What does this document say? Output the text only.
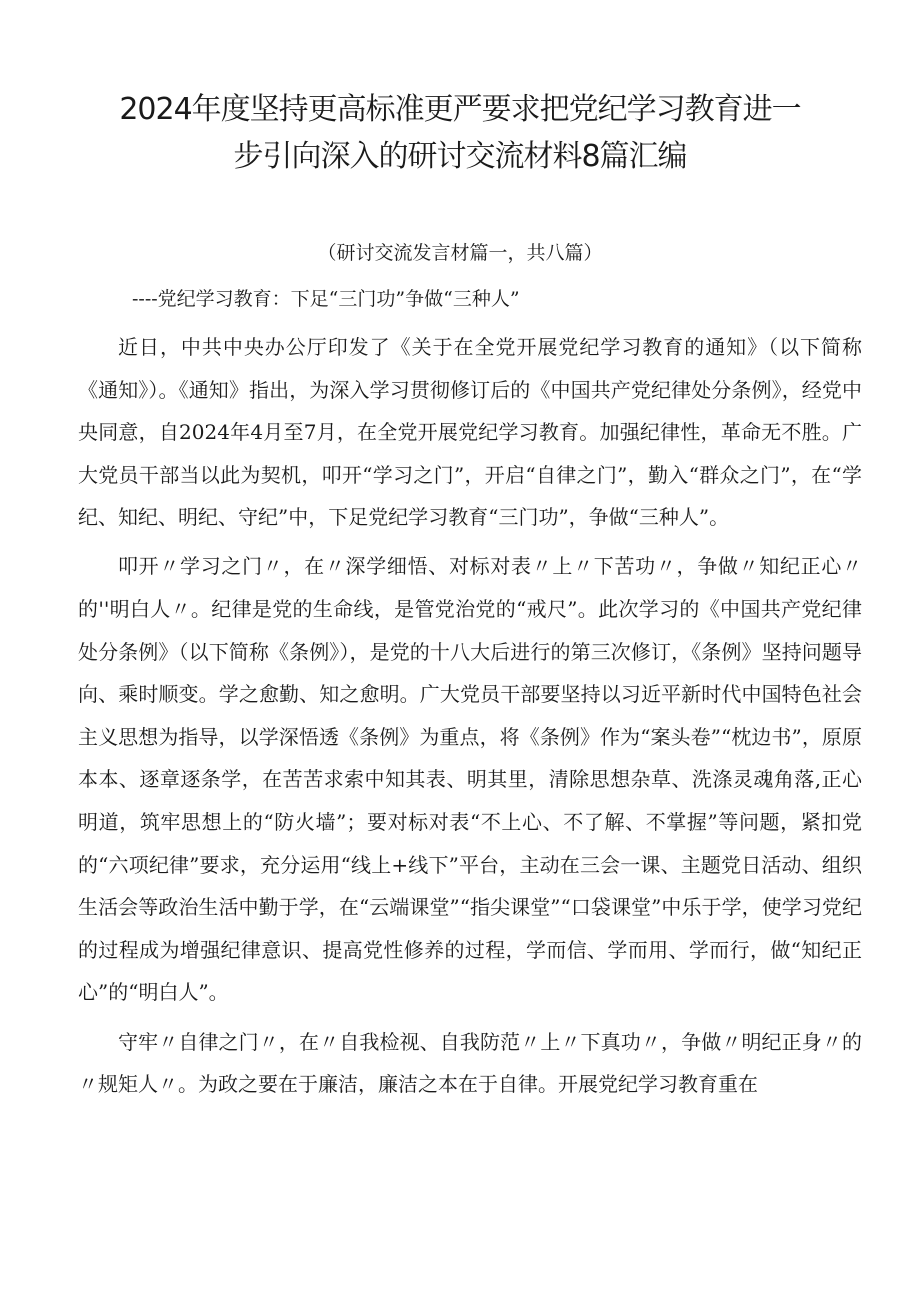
2024年度坚持更高标准更严要求把党纪学习教育进一
步引向深入的研讨交流材料8篇汇编
（研讨交流发言材篇一，共八篇）
----党纪学习教育：下足“三门功”争做“三种人”

近日，中共中央办公厅印发了《关于在全党开展党纪学习教育的通知》（以下简称《通知》）。《通知》指出，为深入学习贯彻修订后的《中国共产党纪律处分条例》，经党中央同意，自2024年4月至7月，在全党开展党纪学习教育。加强纪律性，革命无不胜。广大党员干部当以此为契机，叩开“学习之门”，开启“自律之门”，勤入“群众之门”，在“学纪、知纪、明纪、守纪”中，下足党纪学习教育“三门功”，争做“三种人”。

叩开〃学习之门〃，在〃深学细悟、对标对表〃上〃下苦功〃，争做〃知纪正心〃的''明白人〃。纪律是党的生命线，是管党治党的“戒尺”。此次学习的《中国共产党纪律处分条例》（以下简称《条例》），是党的十八大后进行的第三次修订，《条例》坚持问题导向、乘时顺变。学之愈勤、知之愈明。广大党员干部要坚持以习近平新时代中国特色社会主义思想为指导，以学深悟透《条例》为重点，将《条例》作为“案头卷”“枕边书”，原原本本、逐章逐条学，在苦苦求索中知其表、明其里，清除思想杂草、洗涤灵魂角落,正心明道，筑牢思想上的“防火墙”；要对标对表“不上心、不了解、不掌握”等问题，紧扣党的“六项纪律”要求，充分运用“线上+线下”平台，主动在三会一课、主题党日活动、组织生活会等政治生活中勤于学，在“云端课堂”“指尖课堂”“口袋课堂”中乐于学，使学习党纪的过程成为增强纪律意识、提高党性修养的过程，学而信、学而用、学而行，做“知纪正心”的“明白人”。

守牢〃自律之门〃，在〃自我检视、自我防范〃上〃下真功〃，争做〃明纪正身〃的〃规矩人〃。为政之要在于廉洁，廉洁之本在于自律。开展党纪学习教育重在
